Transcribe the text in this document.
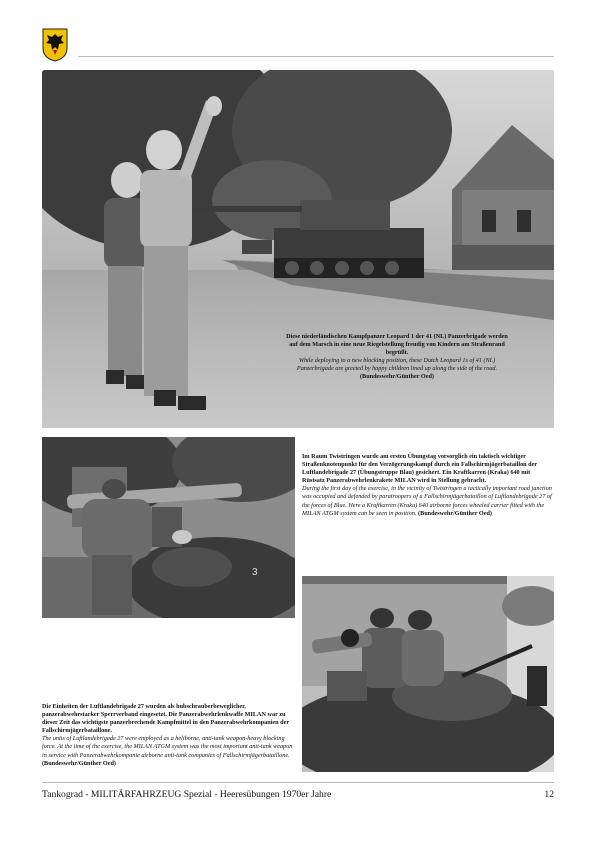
Diese niederländischen Kampfpanzer Leopard 1 der 41 (NL) Panzerbrigade werden auf dem Marsch in eine neue Riegelstellung freudig von Kindern am Straßenrand begrüßt.

While deploying to a new blocking position, these Dutch Leopard 1s of 41 (NL) Panzerbrigade are greeted by happy children lined up along the side of the road.

(Bundeswehr/Günther Oed)

3

Im Raum Twistringen wurde am ersten Übungstag vorsorglich ein taktisch wichtiger Straßenknotenpunkt für den Verzögerungskampf durch ein Fallschirmjägerbataillon der Luftlandebrigade 27 (Übungstruppe Blau) gesichert. Ein Kraftkarren (Kraka) 640 mit Rüstsatz Panzerabwehrlenkrakete MILAN wird in Stellung gebracht.

During the first day of the exercise, in the vicinity of Twistringen a tactically important road junction was occupied and defended by paratroopers of a Fallschirmjägerbataillon of Luftlandebrigade 27 of the forces of Blue. Here a Kraftkarren (Kraka) 640 airborne forces wheeled carrier fitted with the MILAN ATGM system can be seen in position. (Bundeswehr/Günther Oed)

Die Einheiten der Luftlandebrigade 27 wurden als hubschrauberbeweglicher, panzerabwehrstarker Sperrverband eingesetzt. Die Panzerabwehrlenkwaffe MILAN war zu dieser Zeit das wichtigste panzerbrechende Kampfmittel in den Panzerabwehrkompanien der Fallschirmjägerbataillone.

The units of Luftlandebrigade 27 were employed as a heliborne, anti-tank weapon-heavy blocking force. At the time of the exercise, the MILAN ATGM system was the most important anti-tank weapon in service with Panzerabwehrkompanie airborne anti-tank companies of Fallschirmjägerbataillone. (Bundeswehr/Günther Oed)

Tankograd - MILITÄRFAHRZEUG Spezial - Heeresübungen 1970er Jahre	12
